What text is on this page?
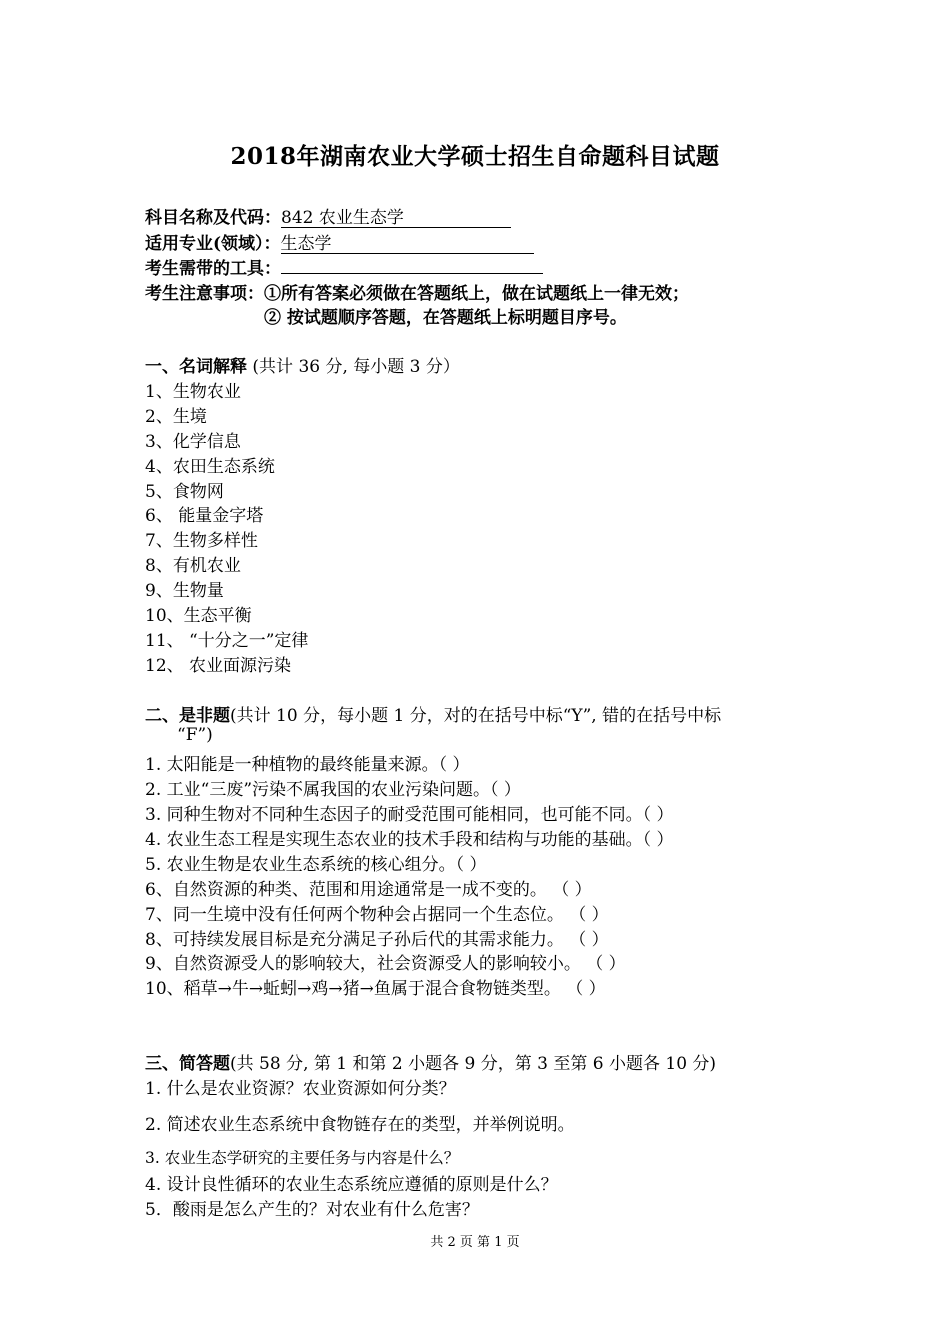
2018年湖南农业大学硕士招生自命题科目试题
科目名称及代码：842 农业生态学
适用专业(领域）：生态学
考生需带的工具：
考生注意事项：①所有答案必须做在答题纸上，做在试题纸上一律无效；
② 按试题顺序答题，在答题纸上标明题目序号。
一、名词解释 (共计 36 分, 每小题 3 分）
1、生物农业
2、生境
3、化学信息
4、农田生态系统
5、食物网
6、 能量金字塔
7、生物多样性
8、有机农业
9、生物量
10、生态平衡
11、 “十分之一”定律
12、 农业面源污染
二、是非题(共计 10 分，每小题 1 分，对的在括号中标“Y”, 错的在括号中标
“F”)
1. 太阳能是一种植物的最终能量来源。（ ）
2. 工业“三废”污染不属我国的农业污染问题。（ ）
3. 同种生物对不同种生态因子的耐受范围可能相同，也可能不同。（ ）
4. 农业生态工程是实现生态农业的技术手段和结构与功能的基础。（ ）
5. 农业生物是农业生态系统的核心组分。（ ）
6、自然资源的种类、范围和用途通常是一成不变的。 （ ）
7、同一生境中没有任何两个物种会占据同一个生态位。 （ ）
8、可持续发展目标是充分满足子孙后代的其需求能力。 （ ）
9、自然资源受人的影响较大，社会资源受人的影响较小。 （ ）
10、稻草→牛→蚯蚓→鸡→猪→鱼属于混合食物链类型。 （ ）
三、简答题(共 58 分, 第 1 和第 2 小题各 9 分，第 3 至第 6 小题各 10 分)
1. 什么是农业资源？农业资源如何分类？
2. 简述农业生态系统中食物链存在的类型，并举例说明。
3. 农业生态学研究的主要任务与内容是什么？
4. 设计良性循环的农业生态系统应遵循的原则是什么？
5．酸雨是怎么产生的？对农业有什么危害？
共 2 页 第 1 页
